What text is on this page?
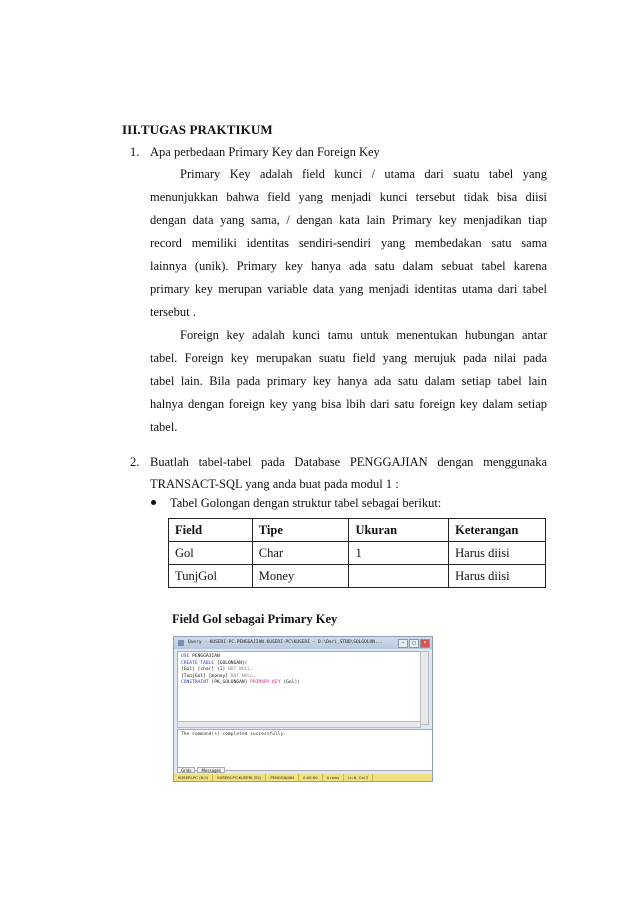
III.TUGAS PRAKTIKUM
1. Apa perbedaan Primary Key dan Foreign Key
Primary Key adalah field kunci / utama dari suatu tabel yang
menunjukkan bahwa field yang menjadi kunci tersebut tidak bisa diisi
dengan data yang sama, / dengan kata lain Primary key menjadikan tiap
record memiliki identitas sendiri-sendiri yang membedakan satu sama
lainnya (unik). Primary key hanya ada satu dalam sebuat tabel karena
primary key merupan variable data yang menjadi identitas utama dari tabel
tersebut .
Foreign key adalah kunci tamu untuk menentukan hubungan antar
tabel. Foreign key merupakan suatu field yang merujuk pada nilai pada
tabel lain. Bila pada primary key hanya ada satu dalam setiap tabel lain
halnya dengan foreign key yang bisa lbih dari satu foreign key dalam setiap
tabel.
2. Buatlah tabel-tabel pada Database PENGGAJIAN dengan menggunaka
TRANSACT-SQL yang anda buat pada modul 1 :
Tabel Golongan dengan struktur tabel sebagai berikut:
Field	Tipe	Ukuran	Keterangan
Gol	Char	1	Harus diisi
TunjGol	Money		Harus diisi
Field Gol sebagai Primary Key
Query - KUSERI-PC.PENGGAJIAN.KUSERI-PC\KUSERI - D:\Deri_STBD\SQLGOLON...	–	□	×
USE PENGGAJIAN
CREATE TABLE [GOLONGAN](
[Gol] [char] (1) NOT NULL,
[TunjGol] [money] NOT NULL,
CONSTRAINT [PK_GOLONGAN] PRIMARY KEY (Gol))
The command(s) completed successfully.
Grids	Messages
KUSERI-PC (8.0)	KUSERI-PC\KUSERI (52)	PENGGAJIAN	0:00:00	0 rows	Ln 6, Col 2
